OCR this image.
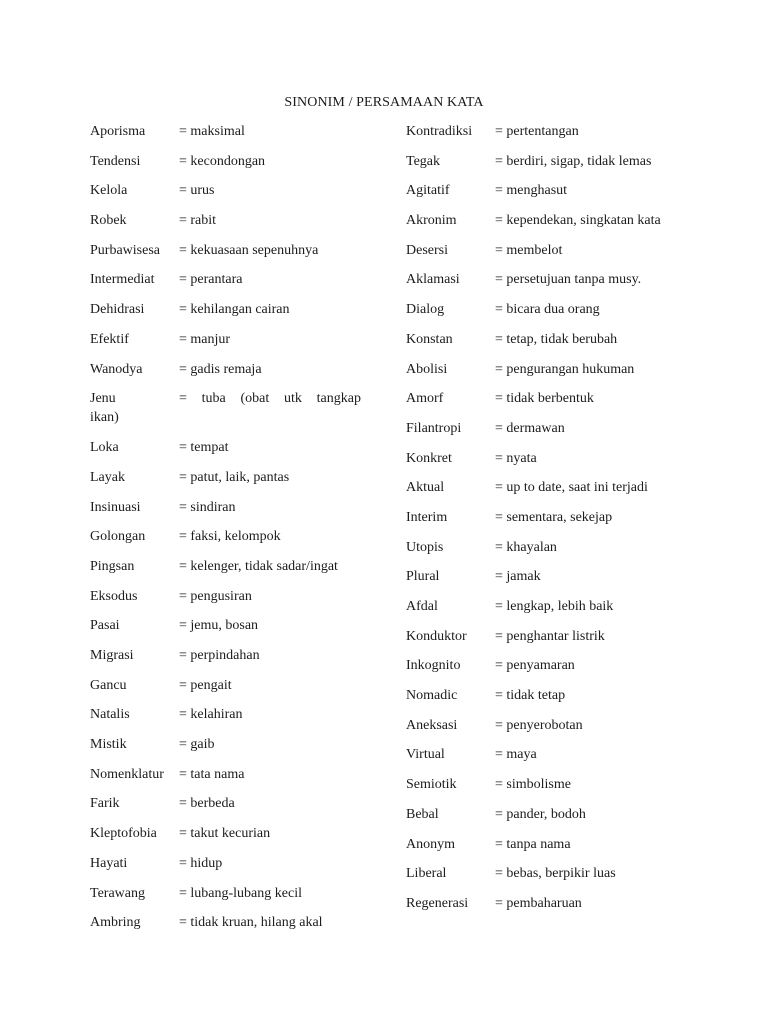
SINONIM / PERSAMAAN KATA
Aporisma	= maksimal
Tendensi	= kecondongan
Kelola	= urus
Robek	= rabit
Purbawisesa	= kekuasaan sepenuhnya
Intermediat	= perantara
Dehidrasi	= kehilangan cairan
Efektif	= manjur
Wanodya	= gadis remaja
Jenu	= tuba (obat utk tangkap
ikan)
Loka	= tempat
Layak	= patut, laik, pantas
Insinuasi	= sindiran
Golongan	= faksi, kelompok
Pingsan	= kelenger, tidak sadar/ingat
Eksodus	= pengusiran
Pasai	= jemu, bosan
Migrasi	= perpindahan
Gancu	= pengait
Natalis	= kelahiran
Mistik	= gaib
Nomenklatur	= tata nama
Farik	= berbeda
Kleptofobia	= takut kecurian
Hayati	= hidup
Terawang	= lubang-lubang kecil
Ambring	= tidak kruan, hilang akal
Kontradiksi	= pertentangan
Tegak	= berdiri, sigap, tidak lemas
Agitatif	= menghasut
Akronim	= kependekan, singkatan kata
Desersi	= membelot
Aklamasi	= persetujuan tanpa musy.
Dialog	= bicara dua orang
Konstan	= tetap, tidak berubah
Abolisi	= pengurangan hukuman
Amorf	= tidak berbentuk
Filantropi	= dermawan
Konkret	= nyata
Aktual	= up to date, saat ini terjadi
Interim	= sementara, sekejap
Utopis	= khayalan
Plural	= jamak
Afdal	= lengkap, lebih baik
Konduktor	= penghantar listrik
Inkognito	= penyamaran
Nomadic	= tidak tetap
Aneksasi	= penyerobotan
Virtual	= maya
Semiotik	= simbolisme
Bebal	= pander, bodoh
Anonym	= tanpa nama
Liberal	= bebas, berpikir luas
Regenerasi	= pembaharuan
